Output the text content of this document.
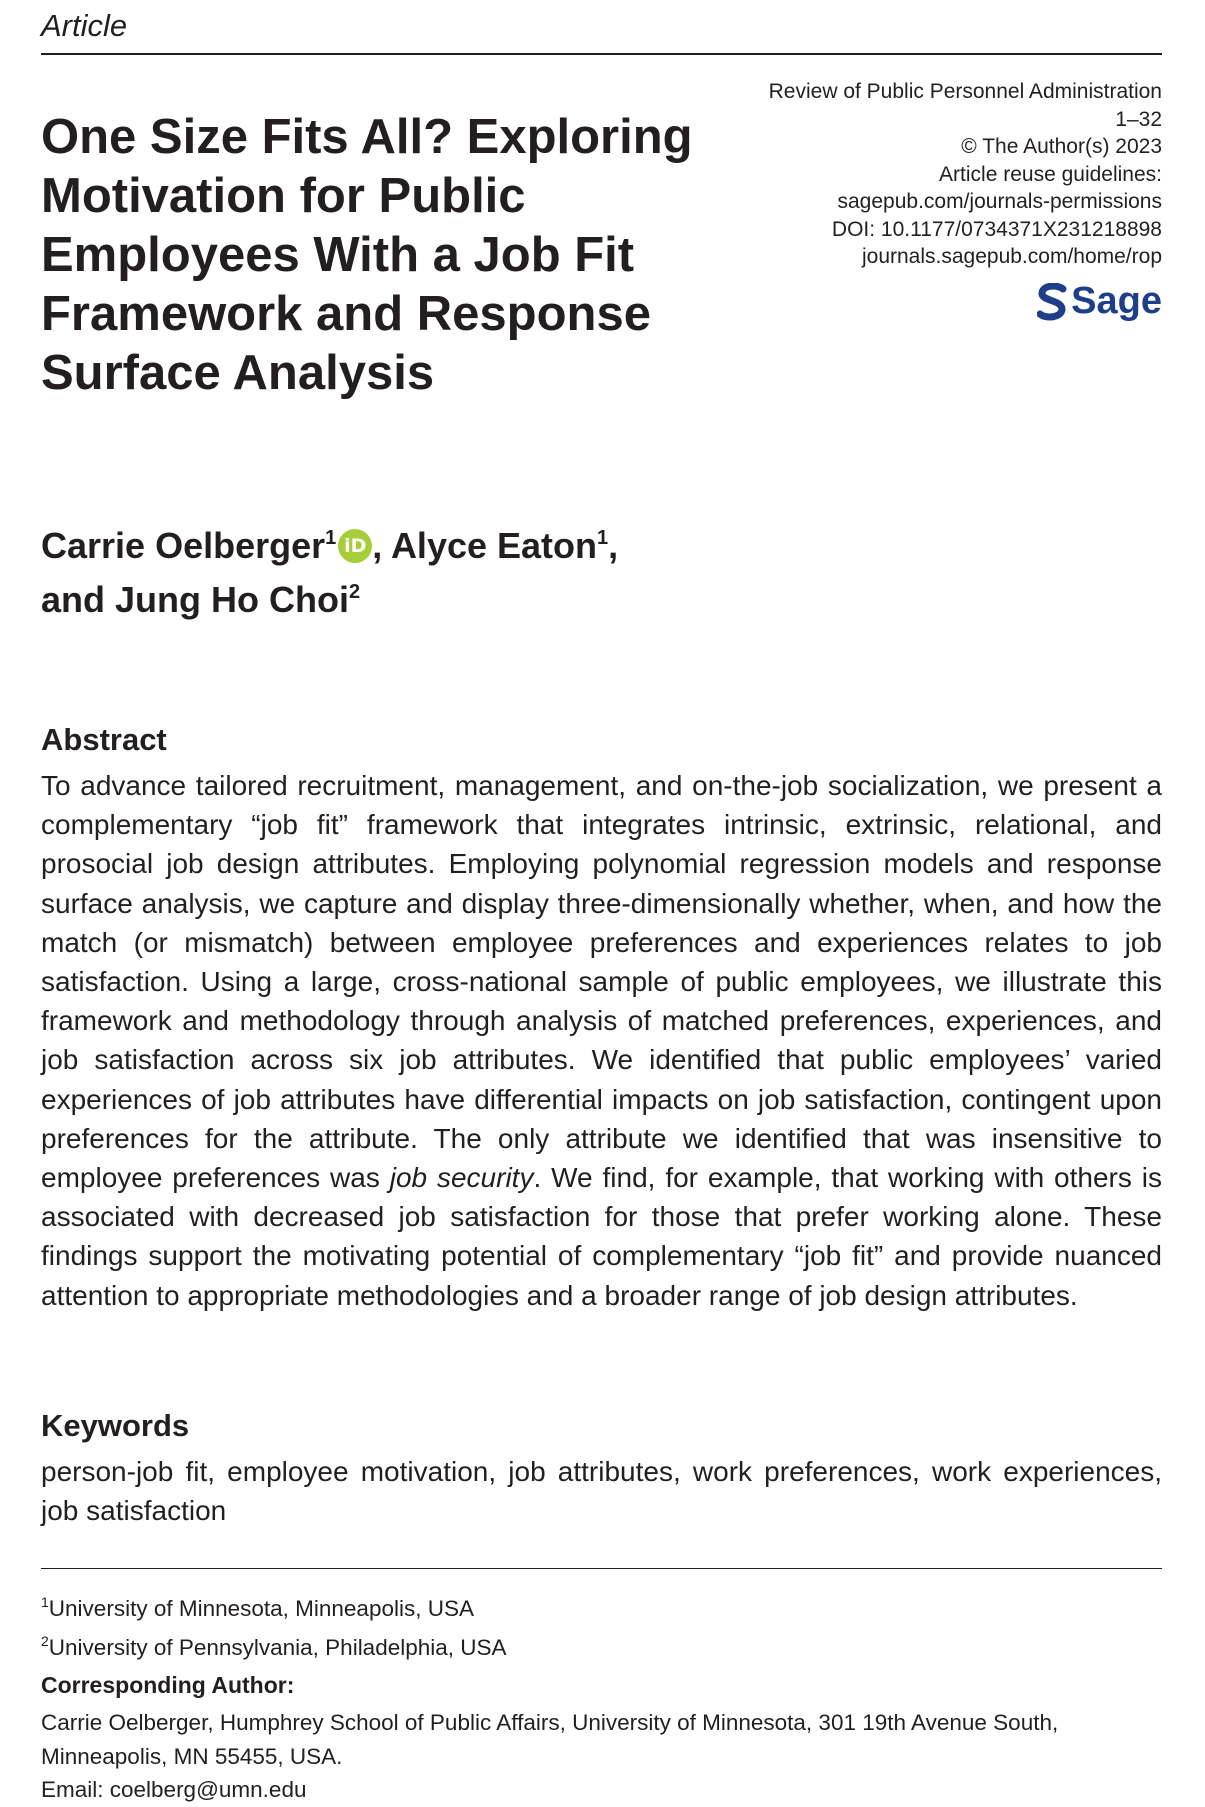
Article
One Size Fits All? Exploring Motivation for Public Employees With a Job Fit Framework and Response Surface Analysis
Review of Public Personnel Administration
1–32
© The Author(s) 2023
Article reuse guidelines:
sagepub.com/journals-permissions
DOI: 10.1177/0734371X231218898
journals.sagepub.com/home/rop
Sage

Carrie Oelberger$^1$ iD , Alyce Eaton$^1$,
and Jung Ho Choi$^2$

Abstract

To advance tailored recruitment, management, and on-the-job socialization, we present a complementary “job fit” framework that integrates intrinsic, extrinsic, relational, and prosocial job design attributes. Employing polynomial regression models and response surface analysis, we capture and display three-dimensionally whether, when, and how the match (or mismatch) between employee preferences and experiences relates to job satisfaction. Using a large, cross-national sample of public employees, we illustrate this framework and methodology through analysis of matched preferences, experiences, and job satisfaction across six job attributes. We identified that public employees’ varied experiences of job attributes have differential impacts on job satisfaction, contingent upon preferences for the attribute. The only attribute we identified that was insensitive to employee preferences was job security. We find, for example, that working with others is associated with decreased job satisfaction for those that prefer working alone. These findings support the motivating potential of complementary “job fit” and provide nuanced attention to appropriate methodologies and a broader range of job design attributes.

Keywords

person-job fit, employee motivation, job attributes, work preferences, work experiences, job satisfaction

$^1$University of Minnesota, Minneapolis, USA
$^2$University of Pennsylvania, Philadelphia, USA
Corresponding Author:
Carrie Oelberger, Humphrey School of Public Affairs, University of Minnesota, 301 19th Avenue South,
Minneapolis, MN 55455, USA.
Email: coelberg@umn.edu
